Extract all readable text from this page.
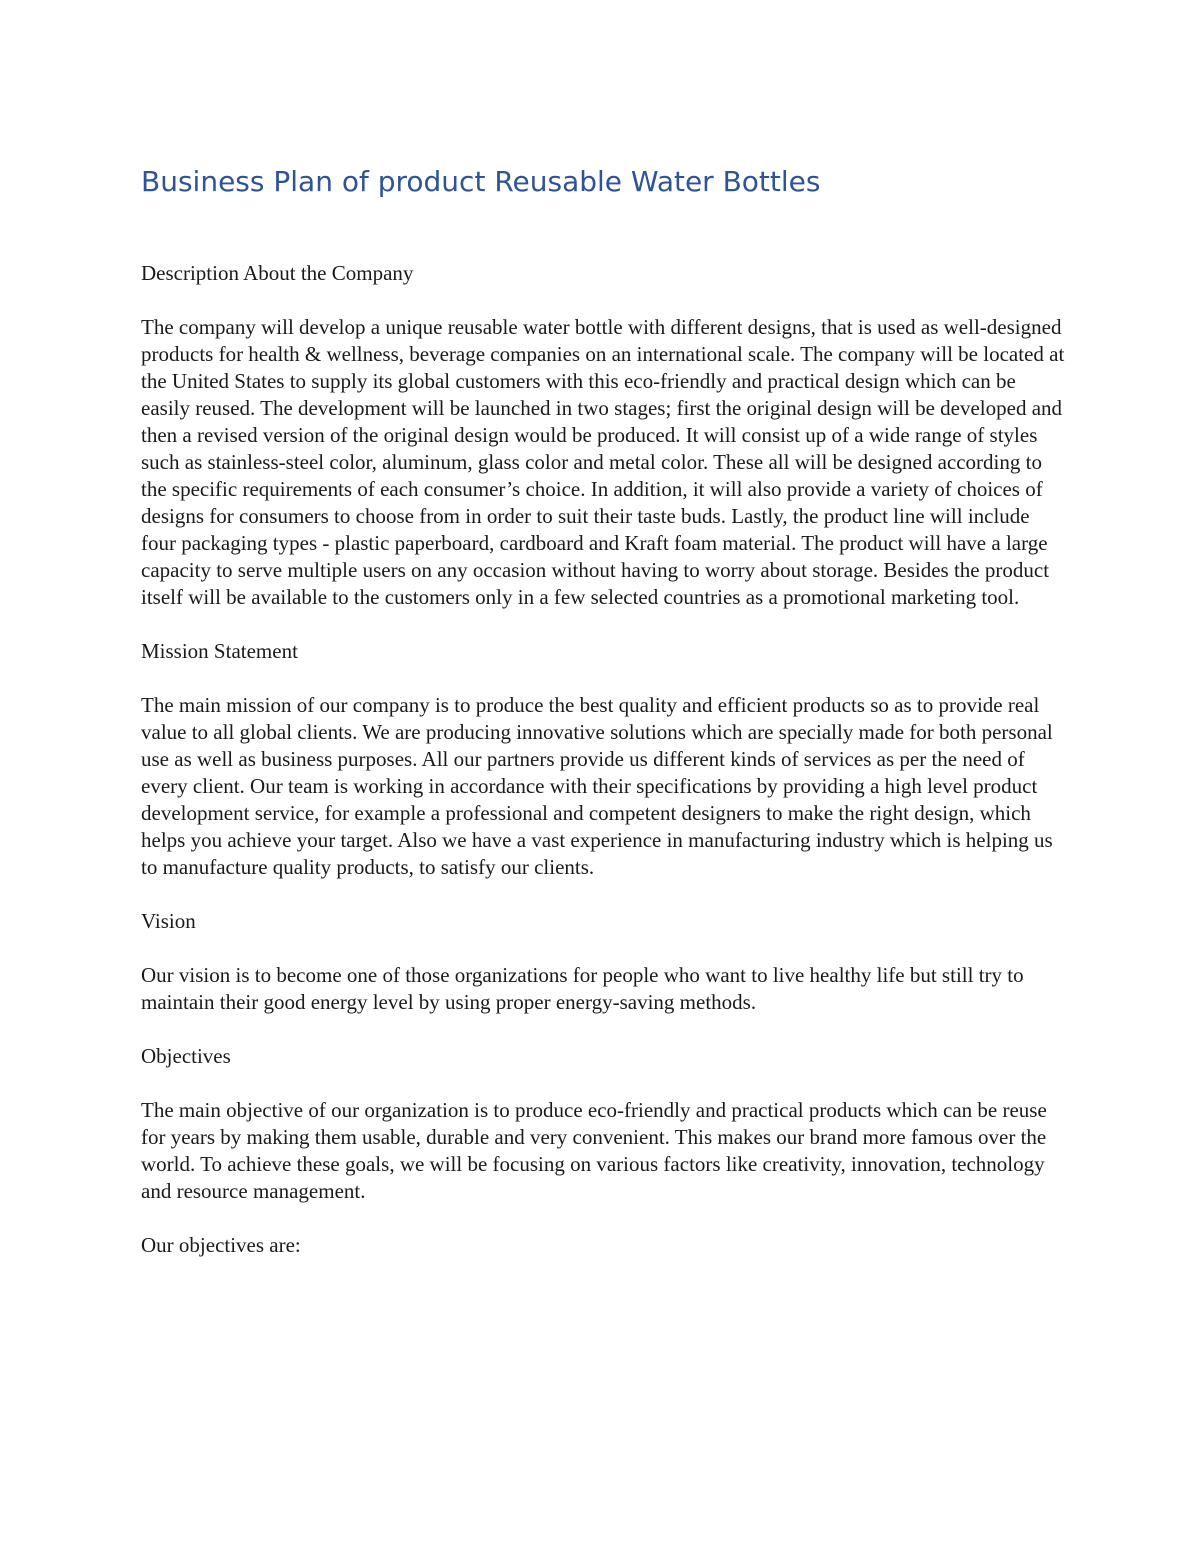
Business Plan of product Reusable Water Bottles

Description About the Company

The company will develop a unique reusable water bottle with different designs, that is used as well-designed products for health & wellness, beverage companies on an international scale. The company will be located at the United States to supply its global customers with this eco-friendly and practical design which can be easily reused. The development will be launched in two stages; first the original design will be developed and then a revised version of the original design would be produced. It will consist up of a wide range of styles such as stainless-steel color, aluminum, glass color and metal color. These all will be designed according to the specific requirements of each consumer’s choice. In addition, it will also provide a variety of choices of designs for consumers to choose from in order to suit their taste buds. Lastly, the product line will include four packaging types - plastic paperboard, cardboard and Kraft foam material. The product will have a large capacity to serve multiple users on any occasion without having to worry about storage. Besides the product itself will be available to the customers only in a few selected countries as a promotional marketing tool.

Mission Statement

The main mission of our company is to produce the best quality and efficient products so as to provide real value to all global clients. We are producing innovative solutions which are specially made for both personal use as well as business purposes. All our partners provide us different kinds of services as per the need of every client. Our team is working in accordance with their specifications by providing a high level product development service, for example a professional and competent designers to make the right design, which helps you achieve your target. Also we have a vast experience in manufacturing industry which is helping us to manufacture quality products, to satisfy our clients.

Vision

Our vision is to become one of those organizations for people who want to live healthy life but still try to maintain their good energy level by using proper energy-saving methods.

Objectives

The main objective of our organization is to produce eco-friendly and practical products which can be reuse for years by making them usable, durable and very convenient. This makes our brand more famous over the world. To achieve these goals, we will be focusing on various factors like creativity, innovation, technology and resource management.

Our objectives are:
